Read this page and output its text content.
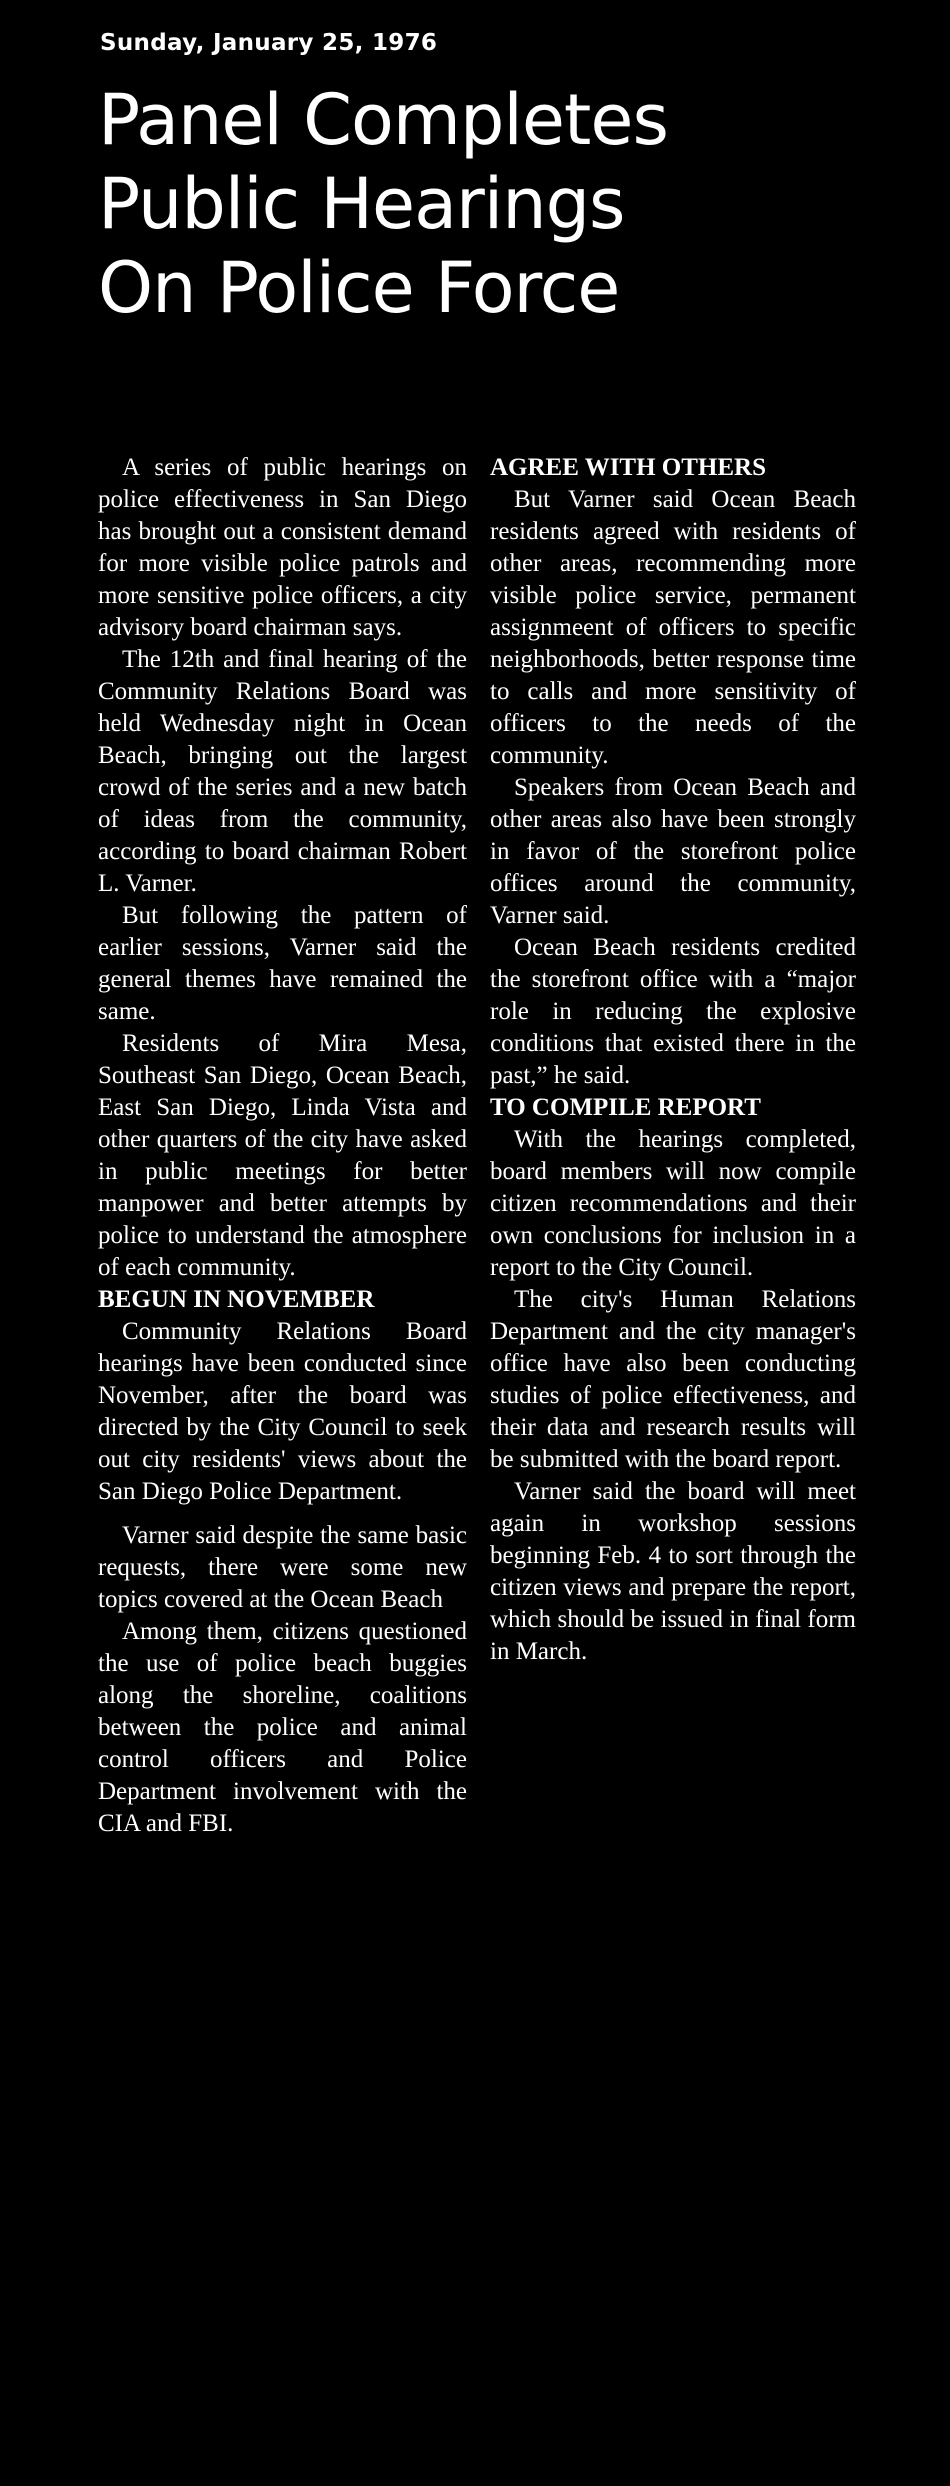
Sunday, January 25, 1976
Panel Completes
Public Hearings
On Police Force

A series of public hearings on police effectiveness in San Diego has brought out a consistent demand for more visible police patrols and more sensitive police officers, a city advisory board chairman says.

The 12th and final hearing of the Community Relations Board was held Wednesday night in Ocean Beach, bringing out the largest crowd of the series and a new batch of ideas from the community, according to board chairman Robert L. Varner.

But following the pattern of earlier sessions, Varner said the general themes have remained the same.

Residents of Mira Mesa, Southeast San Diego, Ocean Beach, East San Diego, Linda Vista and other quarters of the city have asked in public meetings for better manpower and better attempts by police to understand the atmosphere of each community.

BEGUN IN NOVEMBER

Community Relations Board hearings have been conducted since November, after the board was directed by the City Council to seek out city residents' views about the San Diego Police Department.

Varner said despite the same basic requests, there were some new topics covered at the Ocean Beach

Among them, citizens questioned the use of police beach buggies along the shoreline, coalitions between the police and animal control officers and Police Department involvement with the CIA and FBI.

AGREE WITH OTHERS

But Varner said Ocean Beach residents agreed with residents of other areas, recommending more visible police service, permanent assignmeent of officers to specific neighborhoods, better response time to calls and more sensitivity of officers to the needs of the community.

Speakers from Ocean Beach and other areas also have been strongly in favor of the storefront police offices around the community, Varner said.

Ocean Beach residents credited the storefront office with a “major role in reducing the explosive conditions that existed there in the past,” he said.

TO COMPILE REPORT

With the hearings completed, board members will now compile citizen recommendations and their own conclusions for inclusion in a report to the City Council.

The city's Human Relations Department and the city manager's office have also been conducting studies of police effectiveness, and their data and research results will be submitted with the board report.

Varner said the board will meet again in workshop sessions beginning Feb. 4 to sort through the citizen views and prepare the report, which should be issued in final form in March.
